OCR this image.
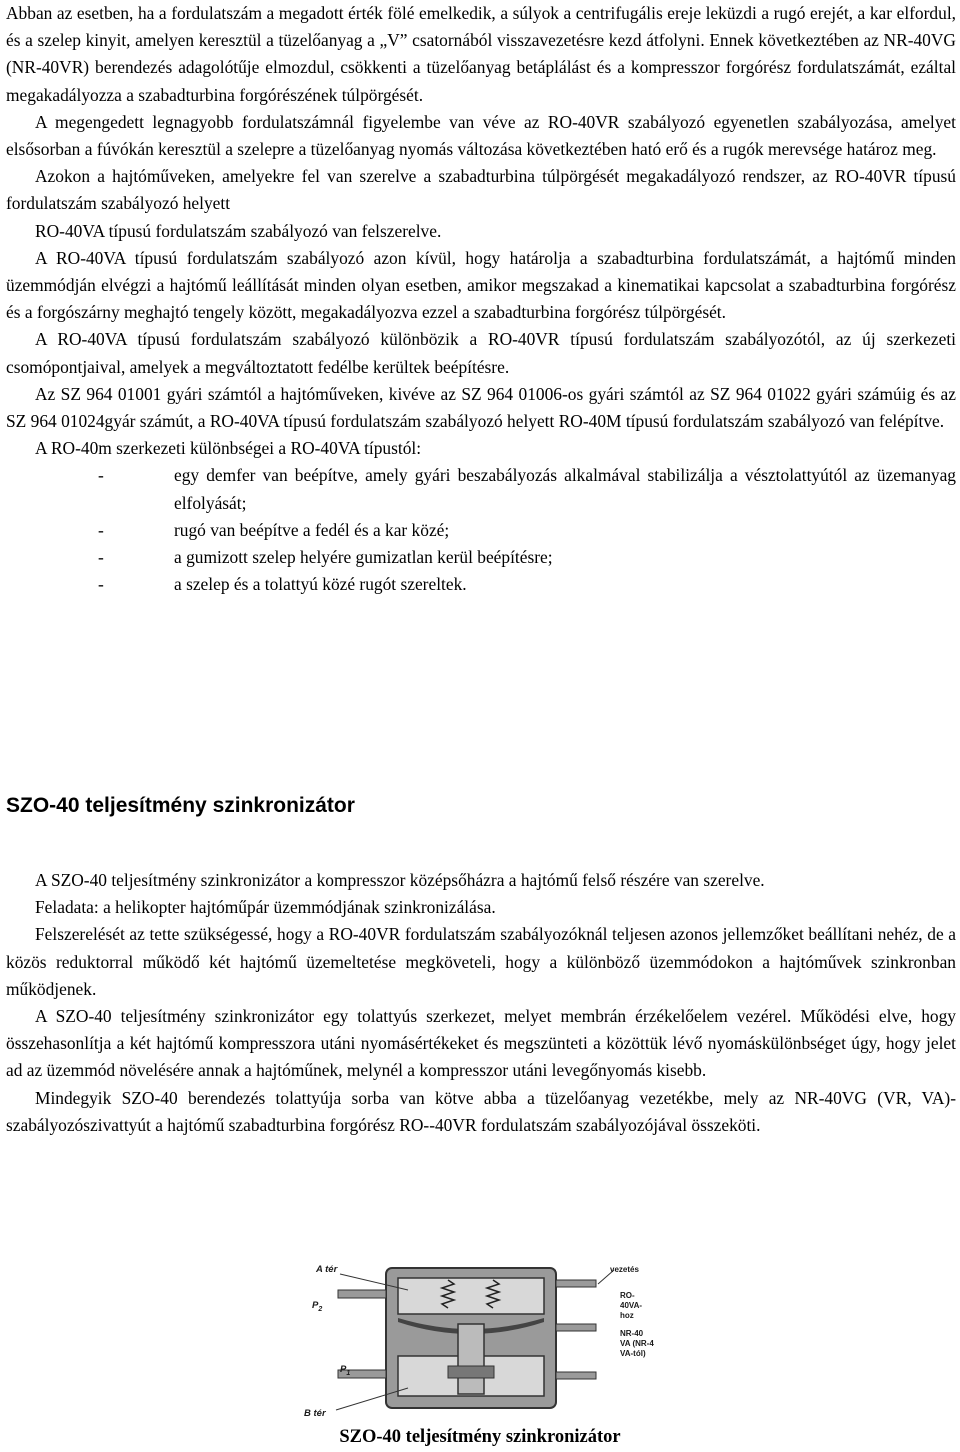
Abban az esetben, ha a fordulatszám a megadott érték fölé emelkedik, a súlyok a centrifugális ereje leküzdi a rugó erejét, a kar elfordul, és a szelep kinyit, amelyen keresztül a tüzelőanyag a „V” csatornából visszavezetésre kezd átfolyni. Ennek következtében az NR-40VG (NR-40VR) berendezés adagolótűje elmozdul, csökkenti a tüzelőanyag betáplálást és a kompresszor forgórész fordulatszámát, ezáltal megakadályozza a szabadturbina forgórészének túlpörgését.

A megengedett legnagyobb fordulatszámnál figyelembe van véve az RO-40VR szabályozó egyenetlen szabályozása, amelyet elsősorban a fúvókán keresztül a szelepre a tüzelőanyag nyomás változása következtében ható erő és a rugók merevsége határoz meg.

Azokon a hajtóműveken, amelyekre fel van szerelve a szabadturbina túlpörgését megakadályozó rendszer, az RO-40VR típusú fordulatszám szabályozó helyett

RO-40VA típusú fordulatszám szabályozó van felszerelve.

A RO-40VA típusú fordulatszám szabályozó azon kívül, hogy határolja a szabadturbina fordulatszámát, a hajtómű minden üzemmódján elvégzi a hajtómű leállítását minden olyan esetben, amikor megszakad a kinematikai kapcsolat a szabadturbina forgórész és a forgószárny meghajtó tengely között, megakadályozva ezzel a szabadturbina forgórész túlpörgését.

A RO-40VA típusú fordulatszám szabályozó különbözik a RO-40VR típusú fordulatszám szabályozótól, az új szerkezeti csomópontjaival, amelyek a megváltoztatott fedélbe kerültek beépítésre.

Az SZ 964 01001 gyári számtól a hajtóműveken, kivéve az SZ 964 01006-os gyári számtól az SZ 964 01022 gyári számúig és az SZ 964 01024gyár számút, a RO-40VA típusú fordulatszám szabályozó helyett RO-40M típusú fordulatszám szabályozó van felépítve.

A RO-40m szerkezeti különbségei a RO-40VA típustól:

-	egy demfer van beépítve, amely gyári beszabályozás alkalmával stabilizálja a vésztolattyútól az üzemanyag elfolyását;
-	rugó van beépítve a fedél és a kar közé;
-	a gumizott szelep helyére gumizatlan kerül beépítésre;
-	a szelep és a tolattyú közé rugót szereltek.
SZO-40 teljesítmény szinkronizátor

A SZO-40 teljesítmény szinkronizátor a kompresszor középsőházra a hajtómű felső részére van szerelve.

Feladata: a helikopter hajtóműpár üzemmódjának szinkronizálása.

Felszerelését az tette szükségessé, hogy a RO-40VR fordulatszám szabályozóknál teljesen azonos jellemzőket beállítani nehéz, de a közös reduktorral működő két hajtómű üzemeltetése megköveteli, hogy a különböző üzemmódokon a hajtóművek szinkronban működjenek.

A SZO-40 teljesítmény szinkronizátor egy tolattyús szerkezet, melyet membrán érzékelőelem vezérel. Működési elve, hogy összehasonlítja a két hajtómű kompresszora utáni nyomásértékeket és megszünteti a közöttük lévő nyomáskülönbséget úgy, hogy jelet ad az üzemmód növelésére annak a hajtóműnek, melynél a kompresszor utáni levegőnyomás kisebb.

Mindegyik SZO-40 berendezés tolattyúja sorba van kötve abba a tüzelőanyag vezetékbe, mely az NR-40VG (VR, VA)- szabályozószivattyút a hajtómű szabadturbina forgórész RO--40VR fordulatszám szabályozójával összeköti.

A tér
$P_2$
$P_1$
B tér
vezetés
RO-
40VA-
hoz
NR-40
VA (NR-4
VA-tól)
SZO-40 teljesítmény szinkronizátor
